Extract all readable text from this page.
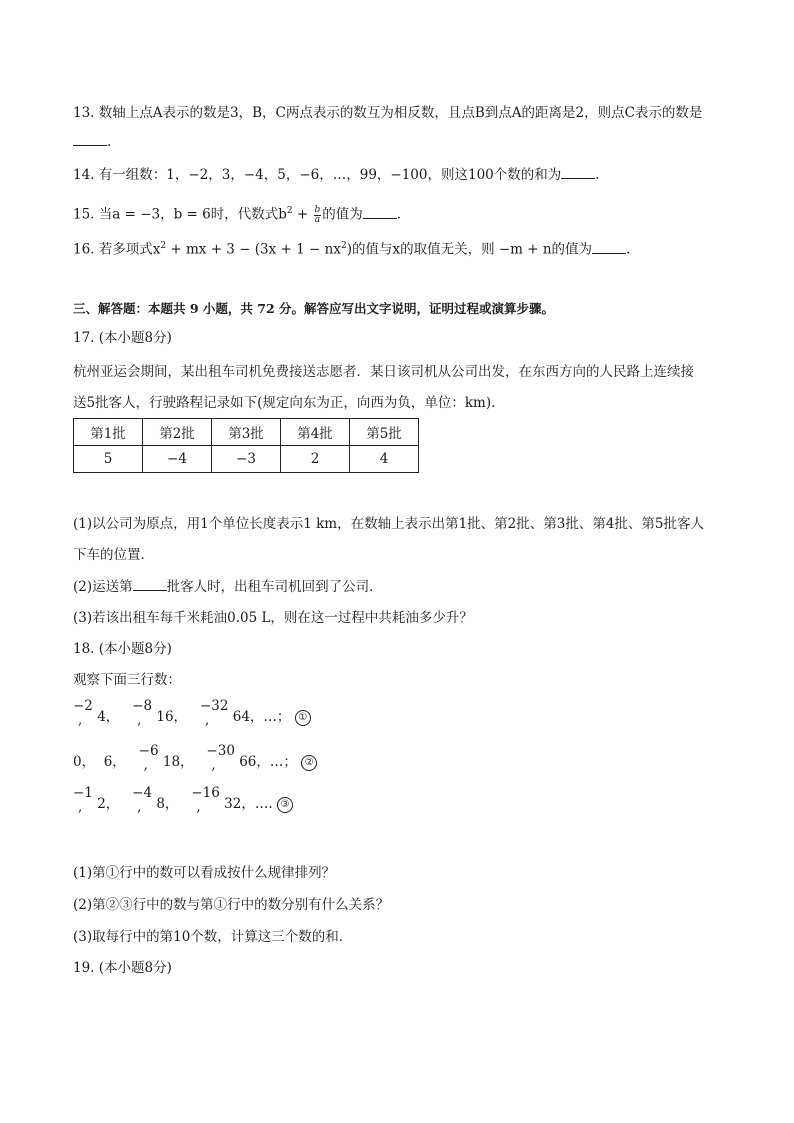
13. 数轴上点A表示的数是3，B，C两点表示的数互为相反数，且点B到点A的距离是2，则点C表示的数是
.
14. 有一组数：1，−2，3，−4，5，−6，…，99，−100，则这100个数的和为	.
15. 当a = −3，b = 6时，代数式$b^2 + \frac{b}{a}$ 的值为	.
16. 若多项式$x^2$ + mx + $3 - (3x + 1 - nx^2)$的值与x的取值无关，则 −m + n的值为	.
三、解答题：本题共 9 小题，共 72 分。解答应写出文字说明，证明过程或演算步骤。
17. (本小题8分)
杭州亚运会期间，某出租车司机免费接送志愿者．某日该司机从公司出发，在东西方向的人民路上连续接
送5批客人，行驶路程记录如下(规定向东为正，向西为负，单位：km).
第1批	第2批	第3批	第4批	第5批
5	−4	−3	2	4
(1)以公司为原点，用1个单位长度表示1 km，在数轴上表示出第1批、第2批、第3批、第4批、第5批客人
下车的位置．
(2)运送第	批客人时，出租车司机回到了公司．
(3)若该出租车每千米耗油0.05 L，则在这一过程中共耗油多少升？
18. (本小题8分)
观察下面三行数：
−2
,	4，   −8
,	16，   −32
,	64，…； ①
0， 6，   −6
,	18，   −30
,	66，…； ②
−1
,	2，   −4
,	8，   −16
,	32，…. ③
(1)第①行中的数可以看成按什么规律排列？
(2)第②③行中的数与第①行中的数分别有什么关系？
(3)取每行中的第10个数，计算这三个数的和．
19. (本小题8分)
